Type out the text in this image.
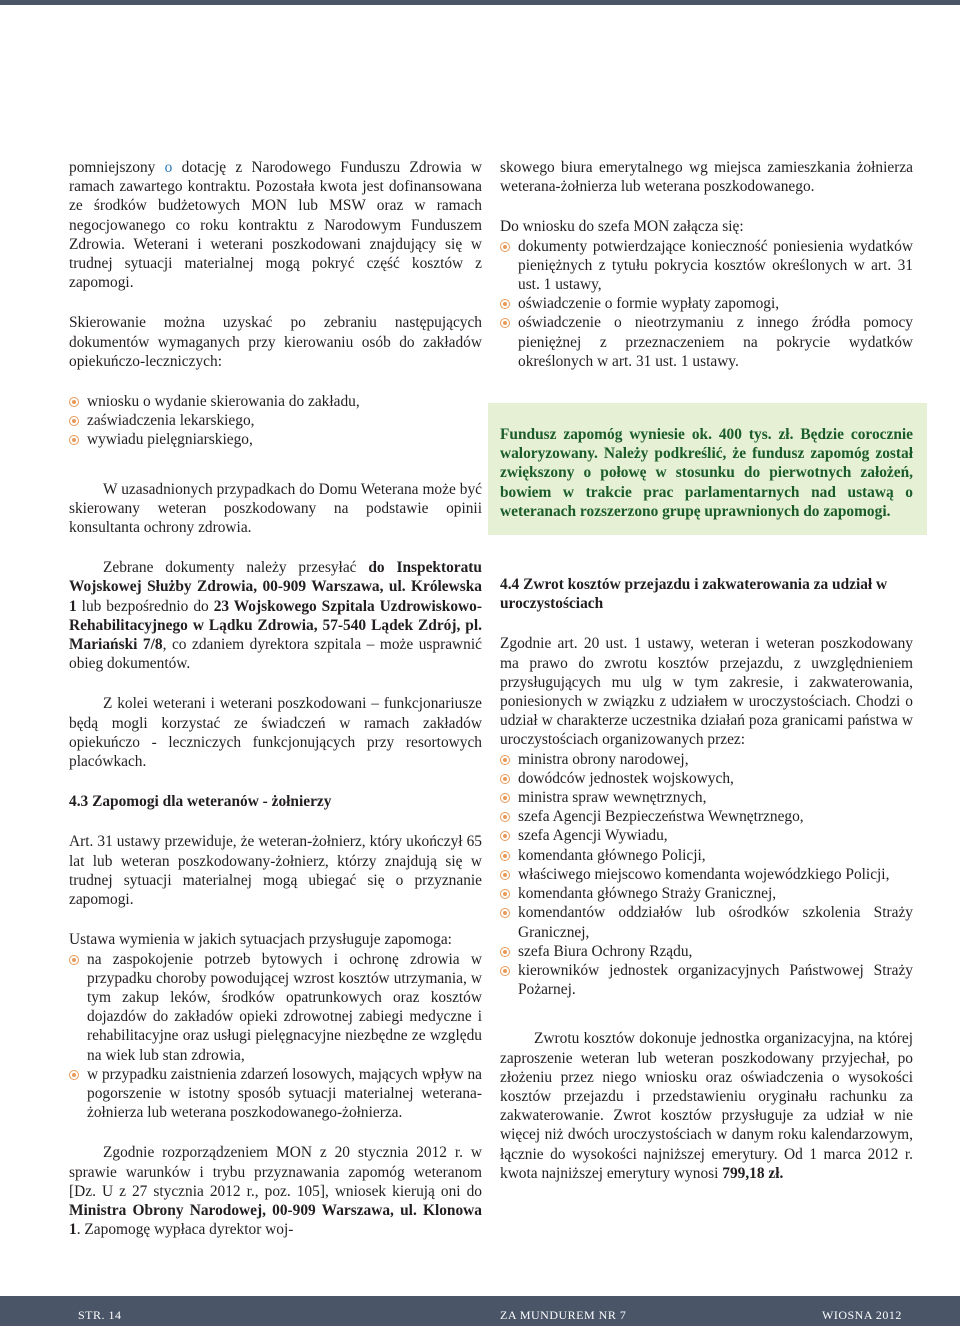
pomniejszony o dotację z Narodowego Funduszu Zdrowia w ramach zawartego kontraktu. Pozostała kwota jest dofinansowana ze środków budżetowych MON lub MSW oraz w ramach negocjowanego co roku kontraktu z Narodowym Funduszem Zdrowia. Weterani i weterani poszkodowani znajdujący się w trudnej sytuacji materialnej mogą pokryć część kosztów z zapomogi.

Skierowanie można uzyskać po zebraniu następujących dokumentów wymaganych przy kierowaniu osób do zakładów opiekuńczo-leczniczych:

wniosku o wydanie skierowania do zakładu,
zaświadczenia lekarskiego,
wywiadu pielęgniarskiego,

W uzasadnionych przypadkach do Domu Weterana może być skierowany weteran poszkodowany na podstawie opinii konsultanta ochrony zdrowia.

Zebrane dokumenty należy przesyłać do Inspektoratu Wojskowej Służby Zdrowia, 00-909 Warszawa, ul. Królewska 1 lub bezpośrednio do 23 Wojskowego Szpitala Uzdrowiskowo-Rehabilitacyjnego w Lądku Zdrowia, 57-540 Lądek Zdrój, pl. Mariański 7/8, co zdaniem dyrektora szpitala – może usprawnić obieg dokumentów.

Z kolei weterani i weterani poszkodowani – funkcjonariusze będą mogli korzystać ze świadczeń w ramach zakładów opiekuńczo - leczniczych funkcjonujących przy resortowych placówkach.

4.3 Zapomogi dla weteranów - żołnierzy

Art. 31 ustawy przewiduje, że weteran-żołnierz, który ukończył 65 lat lub weteran poszkodowany-żołnierz, którzy znajdują się w trudnej sytuacji materialnej mogą ubiegać się o przyznanie zapomogi.

Ustawa wymienia w jakich sytuacjach przysługuje zapomoga:

na zaspokojenie potrzeb bytowych i ochronę zdrowia w przypadku choroby powodującej wzrost kosztów utrzymania, w tym zakup leków, środków opatrunkowych oraz kosztów dojazdów do zakładów opieki zdrowotnej zabiegi medyczne i rehabilitacyjne oraz usługi pielęgnacyjne niezbędne ze względu na wiek lub stan zdrowia,
w przypadku zaistnienia zdarzeń losowych, mających wpływ na pogorszenie w istotny sposób sytuacji materialnej weterana-żołnierza lub weterana poszkodowanego-żołnierza.

Zgodnie rozporządzeniem MON z 20 stycznia 2012 r. w sprawie warunków i trybu przyznawania zapomóg weteranom [Dz. U z 27 stycznia 2012 r., poz. 105], wniosek kierują oni do Ministra Obrony Narodowej, 00-909 Warszawa, ul. Klonowa 1. Zapomogę wypłaca dyrektor woj-

skowego biura emerytalnego wg miejsca zamieszkania żołnierza weterana-żołnierza lub weterana poszkodowanego.

Do wniosku do szefa MON załącza się:

dokumenty potwierdzające konieczność poniesienia wydatków pieniężnych z tytułu pokrycia kosztów określonych w art. 31 ust. 1 ustawy,
oświadczenie o formie wypłaty zapomogi,
oświadczenie o nieotrzymaniu z innego źródła pomocy pieniężnej z przeznaczeniem na pokrycie wydatków określonych w art. 31 ust. 1 ustawy.

Fundusz zapomóg wyniesie ok. 400 tys. zł. Będzie corocznie waloryzowany. Należy podkreślić, że fundusz zapomóg został zwiększony o połowę w stosunku do pierwotnych założeń, bowiem w trakcie prac parlamentarnych nad ustawą o weteranach rozszerzono grupę uprawnionych do zapomogi.

4.4 Zwrot kosztów przejazdu i zakwaterowania za udział w uroczystościach

Zgodnie art. 20 ust. 1 ustawy, weteran i weteran poszkodowany ma prawo do zwrotu kosztów przejazdu, z uwzględnieniem przysługujących mu ulg w tym zakresie, i zakwaterowania, poniesionych w związku z udziałem w uroczystościach. Chodzi o udział w charakterze uczestnika działań poza granicami państwa w uroczystościach organizowanych przez:

ministra obrony narodowej,
dowódców jednostek wojskowych,
ministra spraw wewnętrznych,
szefa Agencji Bezpieczeństwa Wewnętrznego,
szefa Agencji Wywiadu,
komendanta głównego Policji,
właściwego miejscowo komendanta wojewódzkiego Policji,
komendanta głównego Straży Granicznej,
komendantów oddziałów lub ośrodków szkolenia Straży Granicznej,
szefa Biura Ochrony Rządu,
kierowników jednostek organizacyjnych Państwowej Straży Pożarnej.

Zwrotu kosztów dokonuje jednostka organizacyjna, na której zaproszenie weteran lub weteran poszkodowany przyjechał, po złożeniu przez niego wniosku oraz oświadczenia o wysokości kosztów przejazdu i przedstawieniu oryginału rachunku za zakwaterowanie. Zwrot kosztów przysługuje za udział w nie więcej niż dwóch uroczystościach w danym roku kalendarzowym, łącznie do wysokości najniższej emerytury. Od 1 marca 2012 r. kwota najniższej emerytury wynosi 799,18 zł.

STR. 14	ZA MUNDUREM NR 7	WIOSNA 2012
